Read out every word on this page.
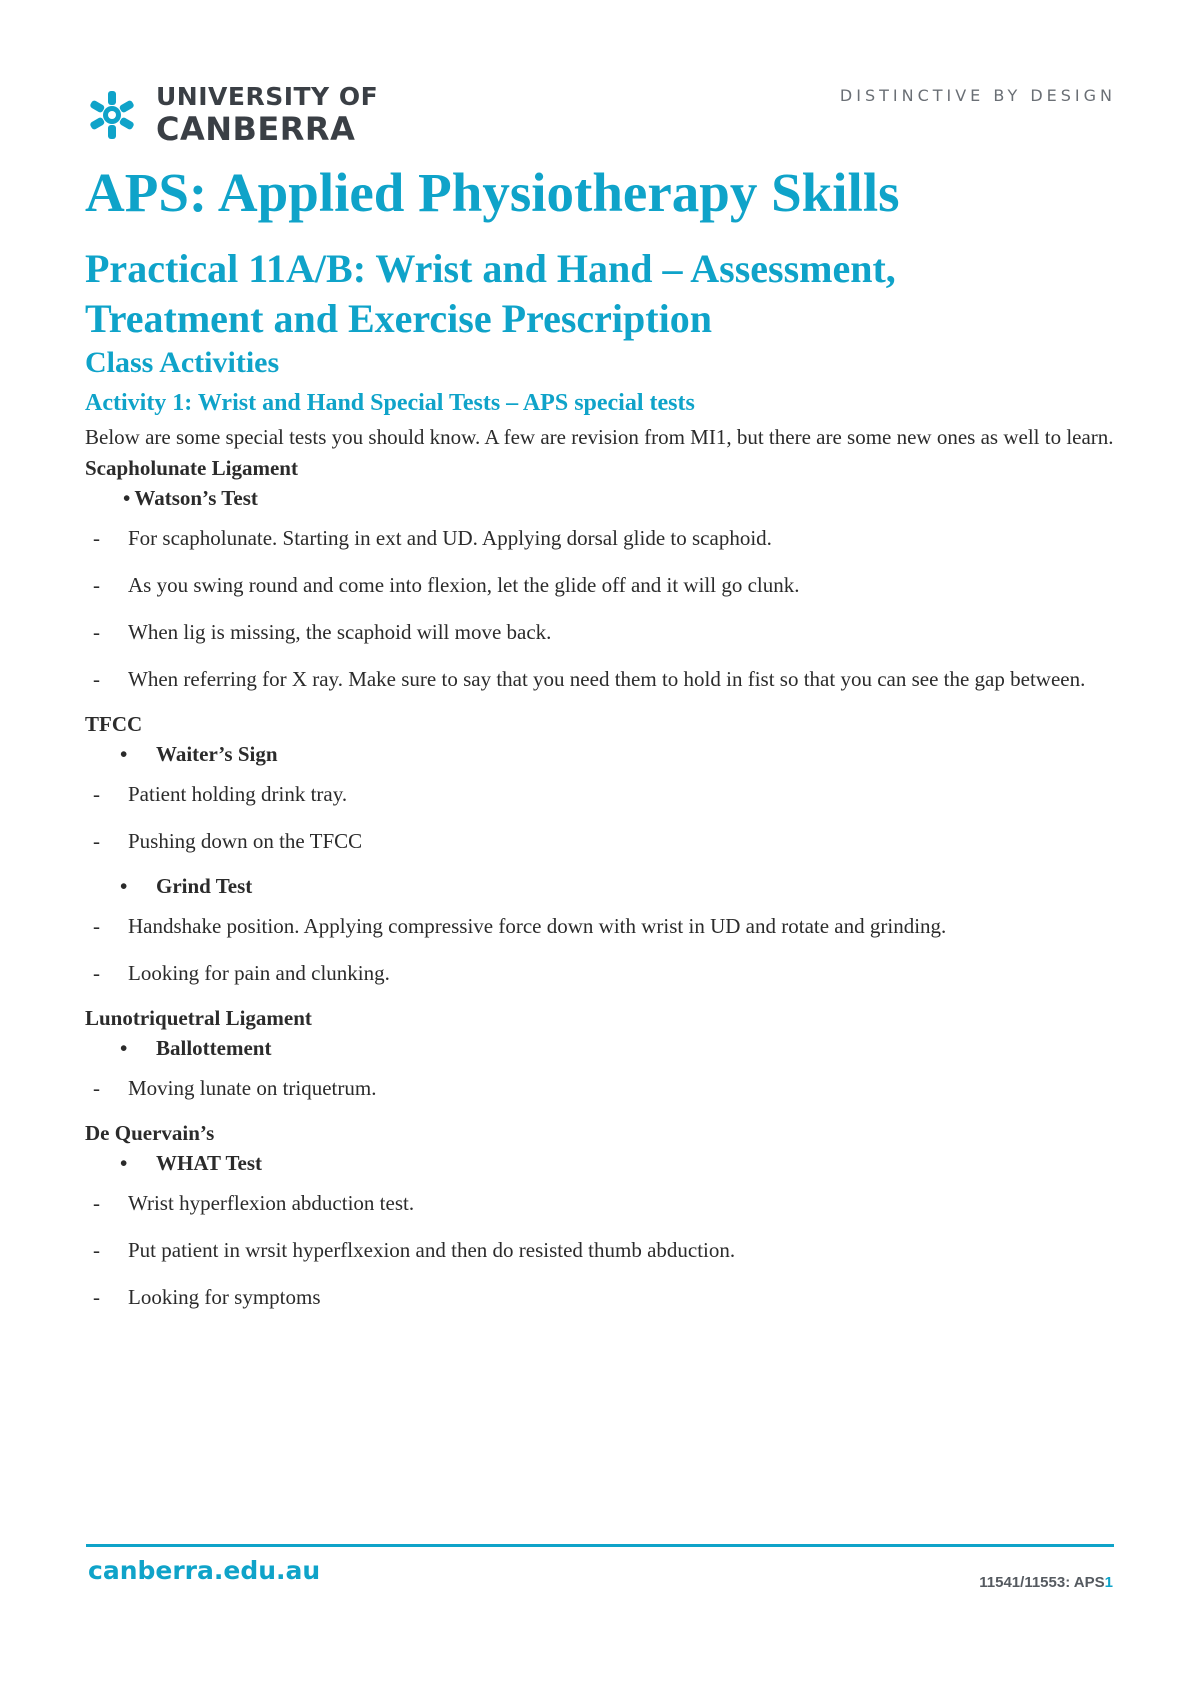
UNIVERSITY OF
CANBERRA
DISTINCTIVE BY DESIGN
APS: Applied Physiotherapy Skills
Practical 11A/B: Wrist and Hand – Assessment,
Treatment and Exercise Prescription
Class Activities
Activity 1: Wrist and Hand Special Tests – APS special tests

Below are some special tests you should know. A few are revision from MI1, but there are some new ones as well to learn.

Scapholunate Ligament
• Watson’s Test
- For scapholunate. Starting in ext and UD. Applying dorsal glide to scaphoid.
- As you swing round and come into flexion, let the glide off and it will go clunk.
- When lig is missing, the scaphoid will move back.
- When referring for X ray. Make sure to say that you need them to hold in fist so that you can see the gap between.
TFCC
• Waiter’s Sign
- Patient holding drink tray.
- Pushing down on the TFCC
• Grind Test
- Handshake position. Applying compressive force down with wrist in UD and rotate and grinding.
- Looking for pain and clunking.
Lunotriquetral Ligament
• Ballottement
- Moving lunate on triquetrum.
De Quervain’s
• WHAT Test
- Wrist hyperflexion abduction test.
- Put patient in wrsit hyperflxexion and then do resisted thumb abduction.
- Looking for symptoms
canberra.edu.au	11541/11553: APS1
